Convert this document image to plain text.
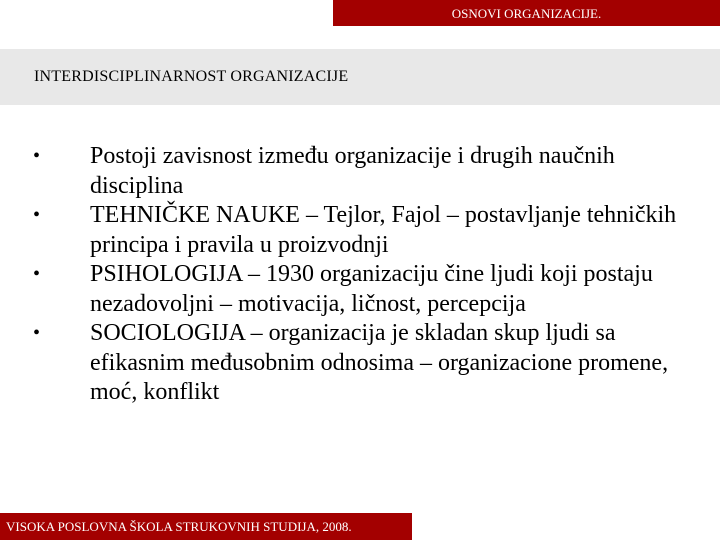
OSNOVI ORGANIZACIJE.
INTERDISCIPLINARNOST ORGANIZACIJE
• Postoji zavisnost između organizacije i drugih naučnih disciplina
• TEHNIČKE NAUKE – Tejlor, Fajol – postavljanje tehničkih principa i pravila u proizvodnji
• PSIHOLOGIJA – 1930 organizaciju čine ljudi koji postaju nezadovoljni – motivacija, ličnost, percepcija
• SOCIOLOGIJA – organizacija je skladan skup ljudi sa efikasnim međusobnim odnosima – organizacione promene, moć, konflikt
VISOKA POSLOVNA ŠKOLA STRUKOVNIH STUDIJA, 2008.
